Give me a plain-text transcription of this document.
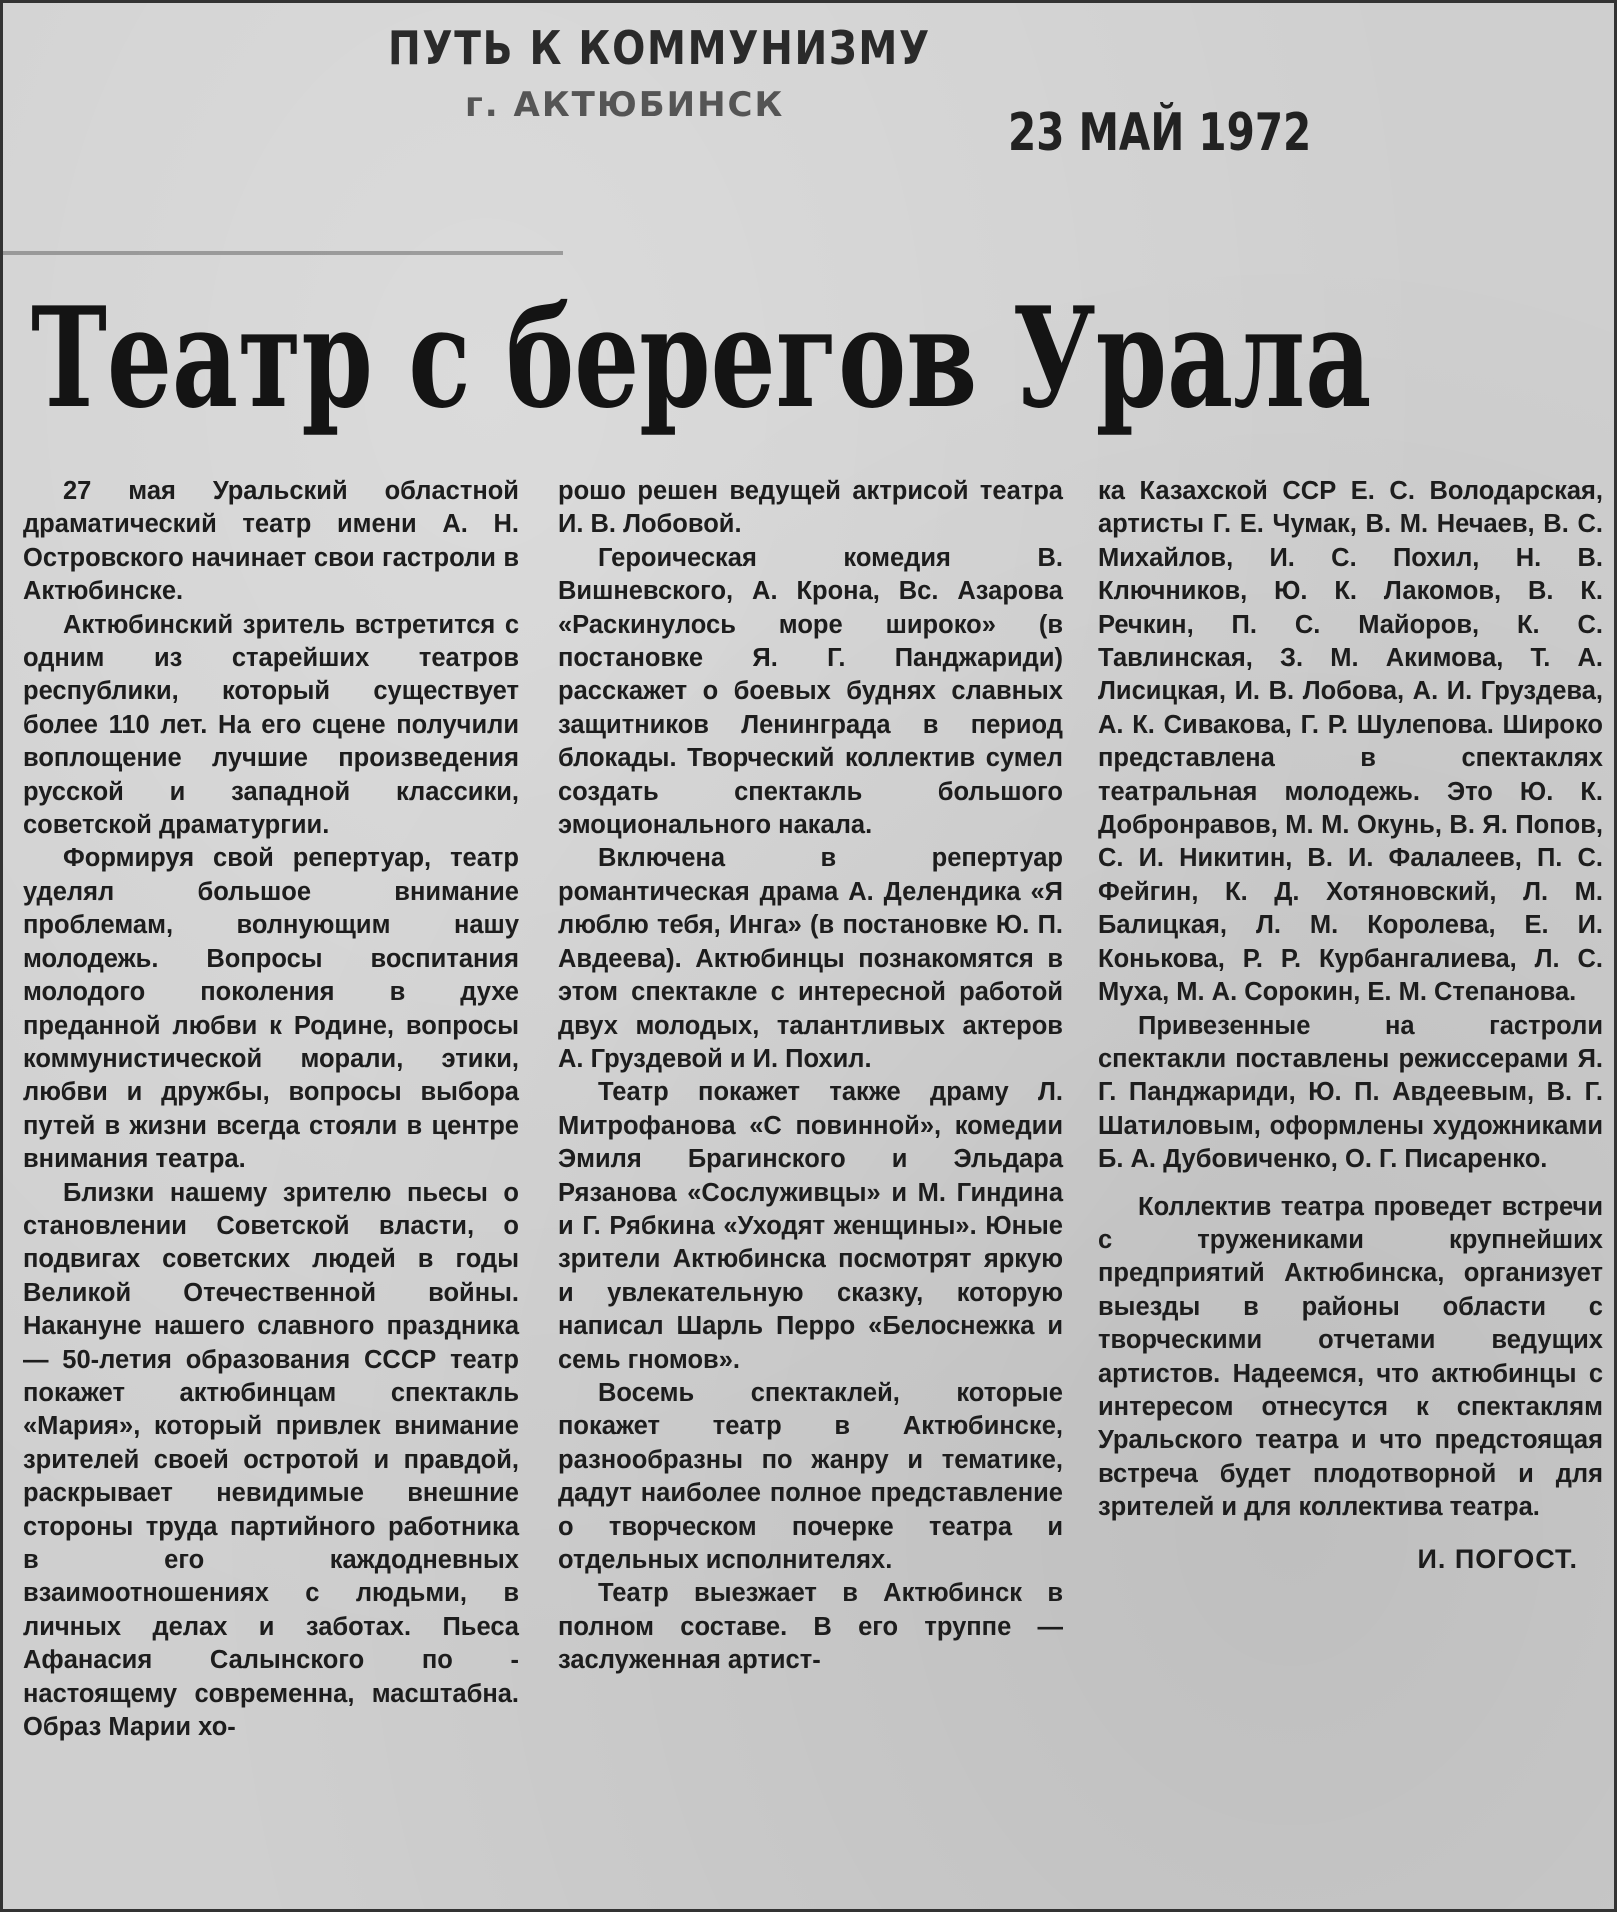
ПУТЬ К КОММУНИЗМУ
г. АКТЮБИНСК	23 МАЙ 1972
Театр с берегов Урала

27 мая Уральский областной драматический театр имени А. Н. Островского начинает свои гастроли в Актюбинске.

Актюбинский зритель встретится с одним из старейших театров республики, который существует более 110 лет. На его сцене получили воплощение лучшие произведения русской и западной классики, советской драматургии.

Формируя свой репертуар, театр уделял большое внимание проблемам, волнующим нашу молодежь. Вопросы воспитания молодого поколения в духе преданной любви к Родине, вопросы коммунистической морали, этики, любви и дружбы, вопросы выбора путей в жизни всегда стояли в центре внимания театра.

Близки нашему зрителю пьесы о становлении Советской власти, о подвигах советских людей в годы Великой Отечественной войны. Накануне нашего славного праздника — 50-летия образования СССР театр покажет актюбинцам спектакль «Мария», который привлек внимание зрителей своей остротой и правдой, раскрывает невидимые внешние стороны труда партийного работника в его каждодневных взаимоотношениях с людьми, в личных делах и заботах. Пьеса Афанасия Салынского по - настоящему современна, масштабна. Образ Марии хо-

рошо решен ведущей актрисой театра И. В. Лобовой.

Героическая комедия В. Вишневского, А. Крона, Вс. Азарова «Раскинулось море широко» (в постановке Я. Г. Панджариди) расскажет о боевых буднях славных защитников Ленинграда в период блокады. Творческий коллектив сумел создать спектакль большого эмоционального накала.

Включена в репертуар романтическая драма А. Делендика «Я люблю тебя, Инга» (в постановке Ю. П. Авдеева). Актюбинцы познакомятся в этом спектакле с интересной работой двух молодых, талантливых актеров А. Груздевой и И. Похил.

Театр покажет также драму Л. Митрофанова «С повинной», комедии Эмиля Брагинского и Эльдара Рязанова «Сослуживцы» и М. Гиндина и Г. Рябкина «Уходят женщины». Юные зрители Актюбинска посмотрят яркую и увлекательную сказку, которую написал Шарль Перро «Белоснежка и семь гномов».

Восемь спектаклей, которые покажет театр в Актюбинске, разнообразны по жанру и тематике, дадут наиболее полное представление о творческом почерке театра и отдельных исполнителях.

Театр выезжает в Актюбинск в полном составе. В его труппе — заслуженная артист-

ка Казахской ССР Е. С. Володарская, артисты Г. Е. Чумак, В. М. Нечаев, В. С. Михайлов, И. С. Похил, Н. В. Ключников, Ю. К. Лакомов, В. К. Речкин, П. С. Майоров, К. С. Тавлинская, З. М. Акимова, Т. А. Лисицкая, И. В. Лобова, А. И. Груздева, А. К. Сивакова, Г. Р. Шулепова. Широко представлена в спектаклях театральная молодежь. Это Ю. К. Добронравов, М. М. Окунь, В. Я. Попов, С. И. Никитин, В. И. Фалалеев, П. С. Фейгин, К. Д. Хотяновский, Л. М. Балицкая, Л. М. Королева, Е. И. Конькова, Р. Р. Курбангалиева, Л. С. Муха, М. А. Сорокин, Е. М. Степанова.

Привезенные на гастроли спектакли поставлены режиссерами Я. Г. Панджариди, Ю. П. Авдеевым, В. Г. Шатиловым, оформлены художниками Б. А. Дубовиченко, О. Г. Писаренко.

Коллектив театра проведет встречи с тружениками крупнейших предприятий Актюбинска, организует выезды в районы области с творческими отчетами ведущих артистов. Надеемся, что актюбинцы с интересом отнесутся к спектаклям Уральского театра и что предстоящая встреча будет плодотворной и для зрителей и для коллектива театра.

И. ПОГОСТ.
